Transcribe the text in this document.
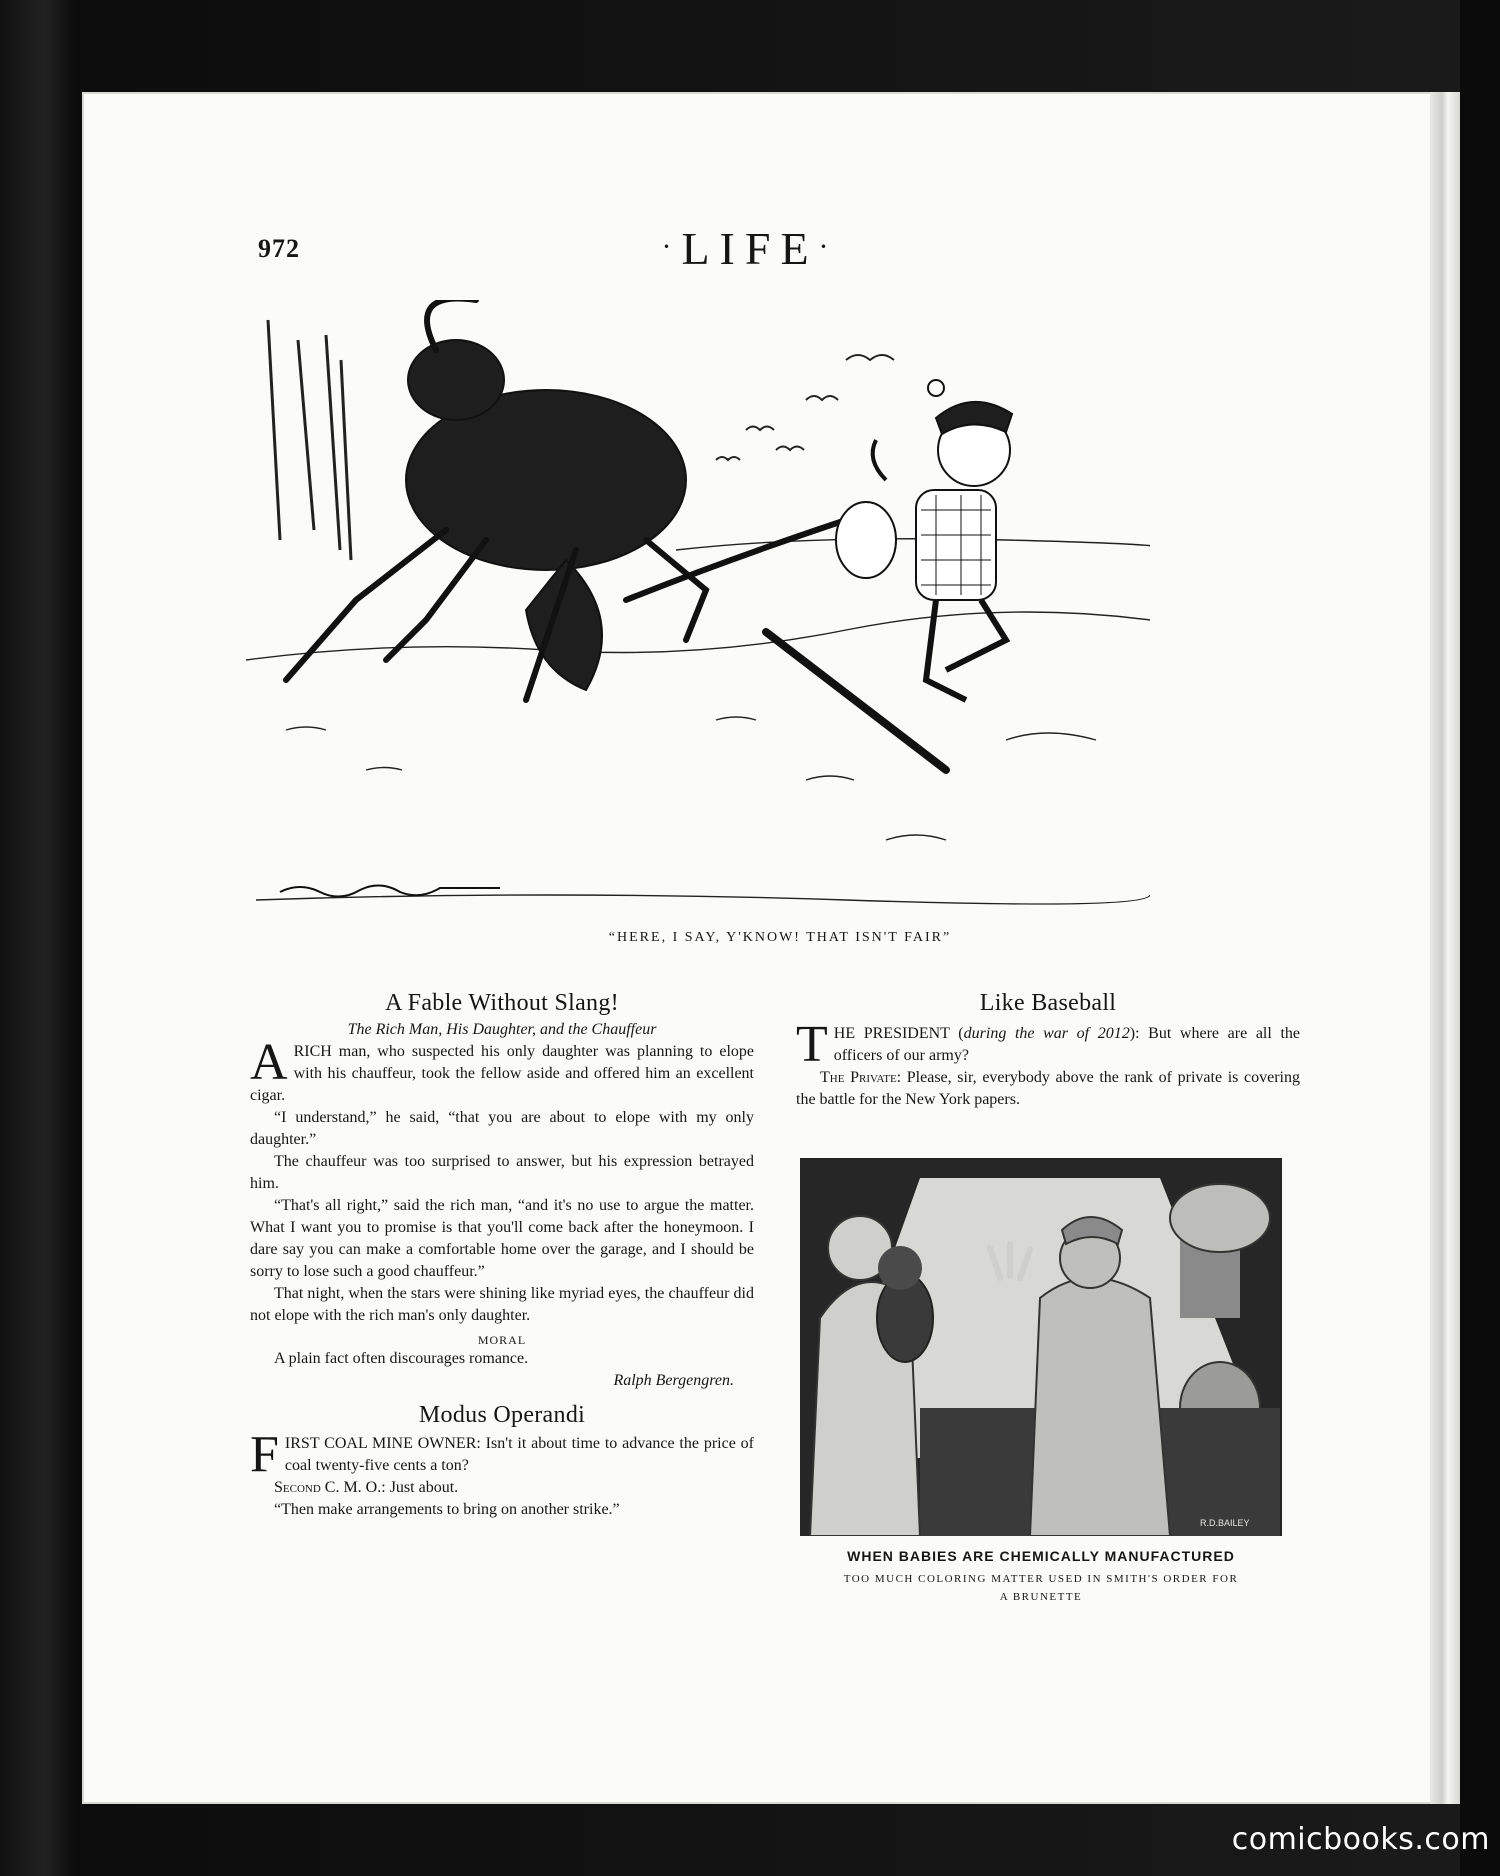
972	·LIFE·
“HERE, I SAY, Y'KNOW! THAT ISN'T FAIR”
A Fable Without Slang!
The Rich Man, His Daughter, and the Chauffeur

ARICH man, who suspected his only daughter was planning to elope with his chauffeur, took the fellow aside and offered him an excellent cigar.

“I understand,” he said, “that you are about to elope with my only daughter.”

The chauffeur was too surprised to answer, but his expression betrayed him.

“That's all right,” said the rich man, “and it's no use to argue the matter. What I want you to promise is that you'll come back after the honeymoon. I dare say you can make a comfortable home over the garage, and I should be sorry to lose such a good chauffeur.”

That night, when the stars were shining like myriad eyes, the chauffeur did not elope with the rich man's only daughter.

MORAL

A plain fact often discourages romance.

Ralph Bergengren.
Modus Operandi

FIRST COAL MINE OWNER: Isn't it about time to advance the price of coal twenty-five cents a ton?

Second C. M. O.: Just about.

“Then make arrangements to bring on another strike.”

Like Baseball

THE PRESIDENT (during the war of 2012): But where are all the officers of our army?

The Private: Please, sir, everybody above the rank of private is covering the battle for the New York papers.

R.D.BAILEY
WHEN BABIES ARE CHEMICALLY MANUFACTURED
TOO MUCH COLORING MATTER USED IN SMITH'S ORDER FOR
A BRUNETTE
comicbooks.com
